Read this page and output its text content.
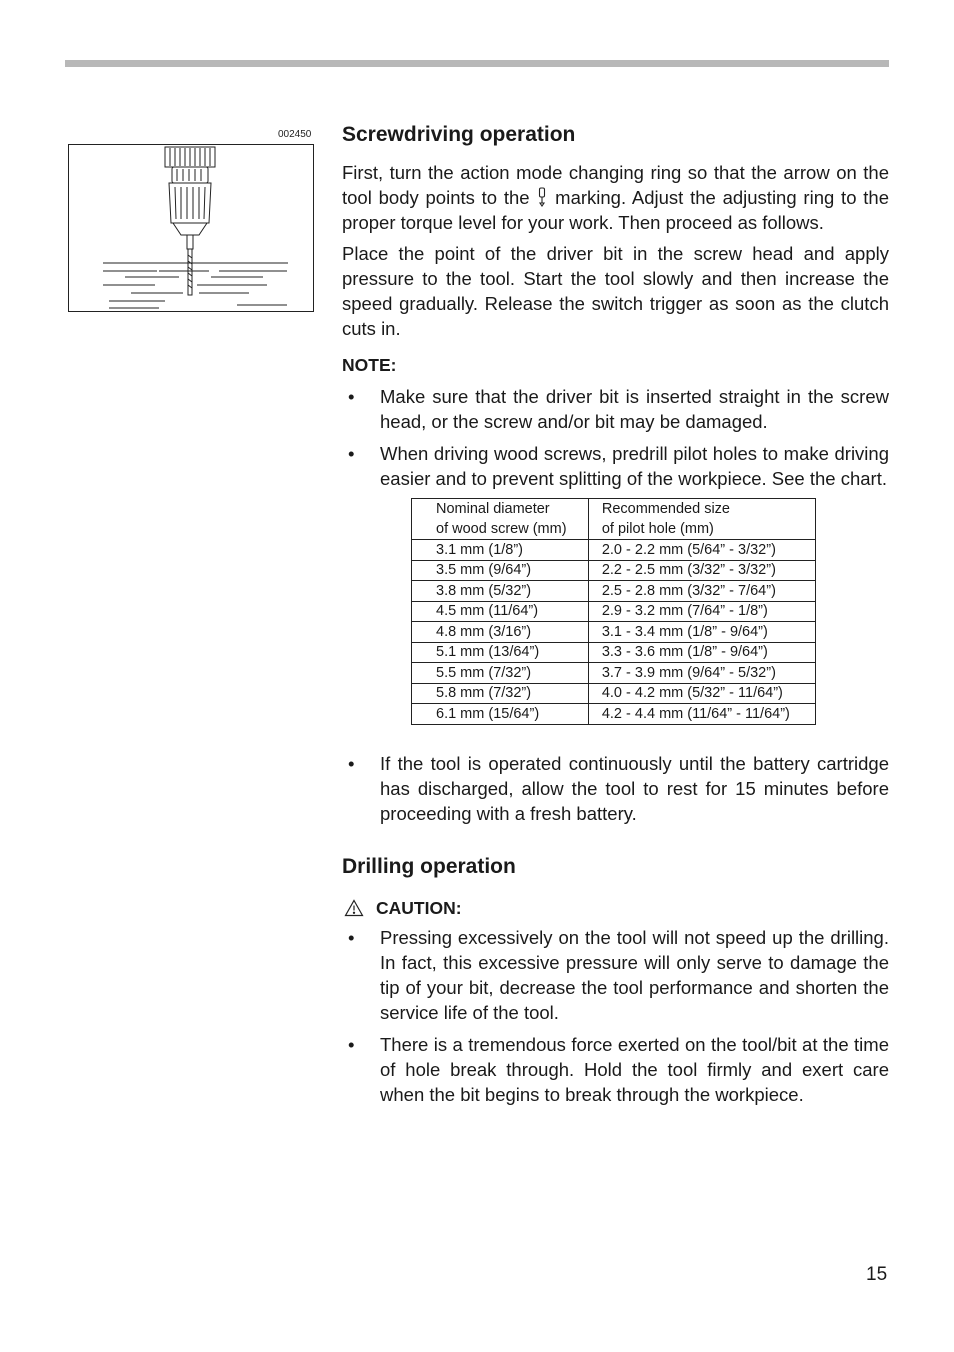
002450 Screwdriving operation

First, turn the action mode changing ring so that the arrow on the tool body points to the  marking. Adjust the adjusting ring to the proper torque level for your work. Then proceed as follows.

Place the point of the driver bit in the screw head and apply pressure to the tool. Start the tool slowly and then increase the speed gradually. Release the switch trigger as soon as the clutch cuts in.

NOTE:
• Make sure that the driver bit is inserted straight in the screw head, or the screw and/or bit may be damaged.
• When driving wood screws, predrill pilot holes to make driving easier and to prevent splitting of the workpiece. See the chart.
Nominal diameter
of wood screw (mm)	Recommended size
of pilot hole (mm)
3.1 mm (1/8”)	2.0 - 2.2 mm (5/64” - 3/32”)
3.5 mm (9/64”)	2.2 - 2.5 mm (3/32” - 3/32”)
3.8 mm (5/32”)	2.5 - 2.8 mm (3/32” - 7/64”)
4.5 mm (11/64”)	2.9 - 3.2 mm (7/64” - 1/8”)
4.8 mm (3/16”)	3.1 - 3.4 mm (1/8” - 9/64”)
5.1 mm (13/64”)	3.3 - 3.6 mm (1/8” - 9/64”)
5.5 mm (7/32”)	3.7 - 3.9 mm (9/64” - 5/32”)
5.8 mm (7/32”)	4.0 - 4.2 mm (5/32” - 11/64”)
6.1 mm (15/64”)	4.2 - 4.4 mm (11/64” - 11/64”)
• If the tool is operated continuously until the battery cartridge has discharged, allow the tool to rest for 15 minutes before proceeding with a fresh battery.
Drilling operation
CAUTION:
• Pressing excessively on the tool will not speed up the drilling. In fact, this excessive pressure will only serve to damage the tip of your bit, decrease the tool performance and shorten the service life of the tool.
• There is a tremendous force exerted on the tool/bit at the time of hole break through. Hold the tool firmly and exert care when the bit begins to break through the workpiece.
15
